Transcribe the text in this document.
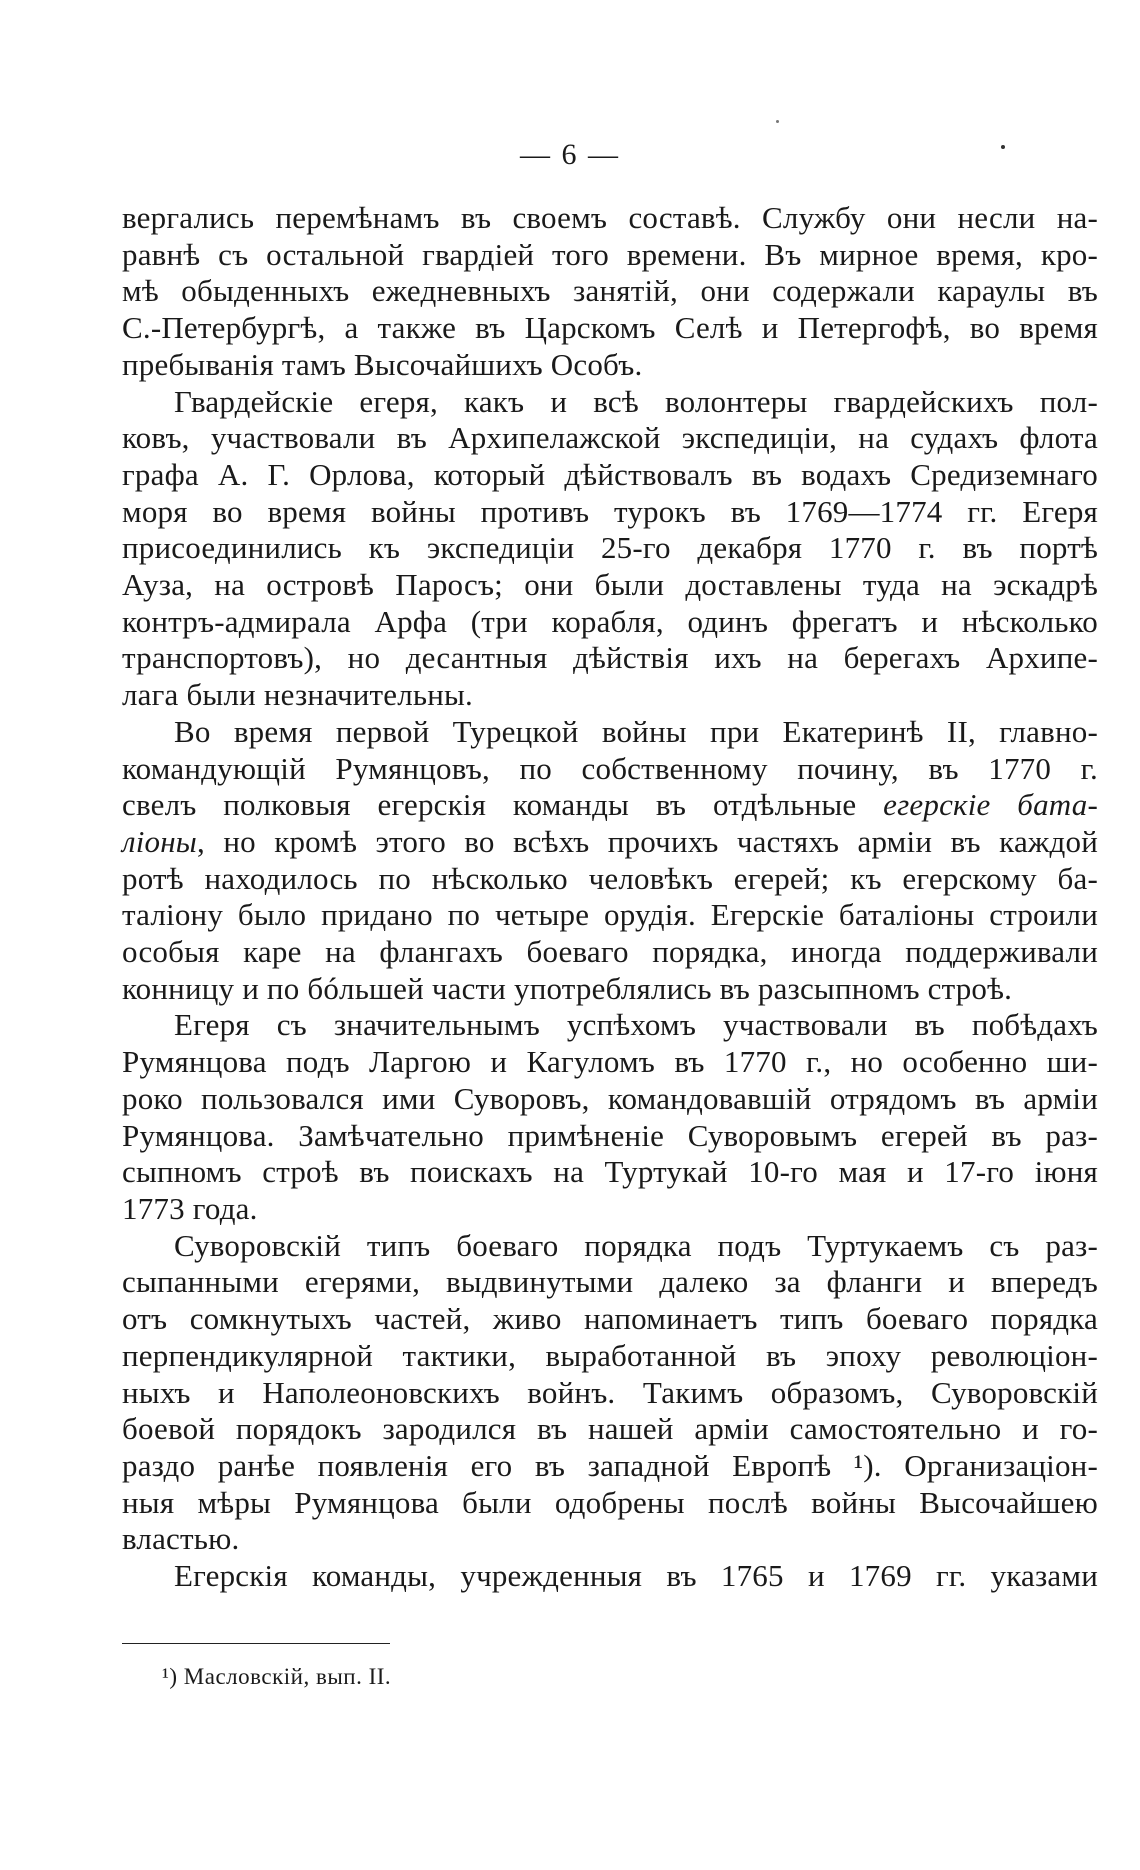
— 6 —
вергались перемѣнамъ въ своемъ составѣ. Службу они несли на-
равнѣ съ остальной гвардіей того времени. Въ мирное время, кро-
мѣ обыденныхъ ежедневныхъ занятій, они содержали караулы въ
С.-Петербургѣ, а также въ Царскомъ Селѣ и Петергофѣ, во время
пребыванія тамъ Высочайшихъ Особъ.
Гвардейскіе егеря, какъ и всѣ волонтеры гвардейскихъ пол-
ковъ, участвовали въ Архипелажской экспедиціи, на судахъ флота
графа А. Г. Орлова, который дѣйствовалъ въ водахъ Средиземнаго
моря во время войны противъ турокъ въ 1769—1774 гг. Егеря
присоединились къ экспедиціи 25-го декабря 1770 г. въ портѣ
Ауза, на островѣ Паросъ; они были доставлены туда на эскадрѣ
контръ-адмирала Арфа (три корабля, одинъ фрегатъ и нѣсколько
транспортовъ), но десантныя дѣйствія ихъ на берегахъ Архипе-
лага были незначительны.
Во время первой Турецкой войны при Екатеринѣ II, главно-
командующій Румянцовъ, по собственному почину, въ 1770 г.
свелъ полковыя егерскія команды въ отдѣльные егерскіе бата-
ліоны, но кромѣ этого во всѣхъ прочихъ частяхъ арміи въ каждой
ротѣ находилось по нѣсколько человѣкъ егерей; къ егерскому ба-
таліону было придано по четыре орудія. Егерскіе баталіоны строили
особыя каре на флангахъ боеваго порядка, иногда поддерживали
конницу и по бóльшей части употреблялись въ разсыпномъ строѣ.
Егеря съ значительнымъ успѣхомъ участвовали въ побѣдахъ
Румянцова подъ Ларгою и Кагуломъ въ 1770 г., но особенно ши-
роко пользовался ими Суворовъ, командовавшій отрядомъ въ арміи
Румянцова. Замѣчательно примѣненіе Суворовымъ егерей въ раз-
сыпномъ строѣ въ поискахъ на Туртукай 10-го мая и 17-го іюня
1773 года.
Суворовскій типъ боеваго порядка подъ Туртукаемъ съ раз-
сыпанными егерями, выдвинутыми далеко за фланги и впередъ
отъ сомкнутыхъ частей, живо напоминаетъ типъ боеваго порядка
перпендикулярной тактики, выработанной въ эпоху революціон-
ныхъ и Наполеоновскихъ войнъ. Такимъ образомъ, Суворовскій
боевой порядокъ зародился въ нашей арміи самостоятельно и го-
раздо ранѣе появленія его въ западной Европѣ ¹). Организаціон-
ныя мѣры Румянцова были одобрены послѣ войны Высочайшею
властью.
Егерскія команды, учрежденныя въ 1765 и 1769 гг. указами
¹) Масловскій, вып. II.
